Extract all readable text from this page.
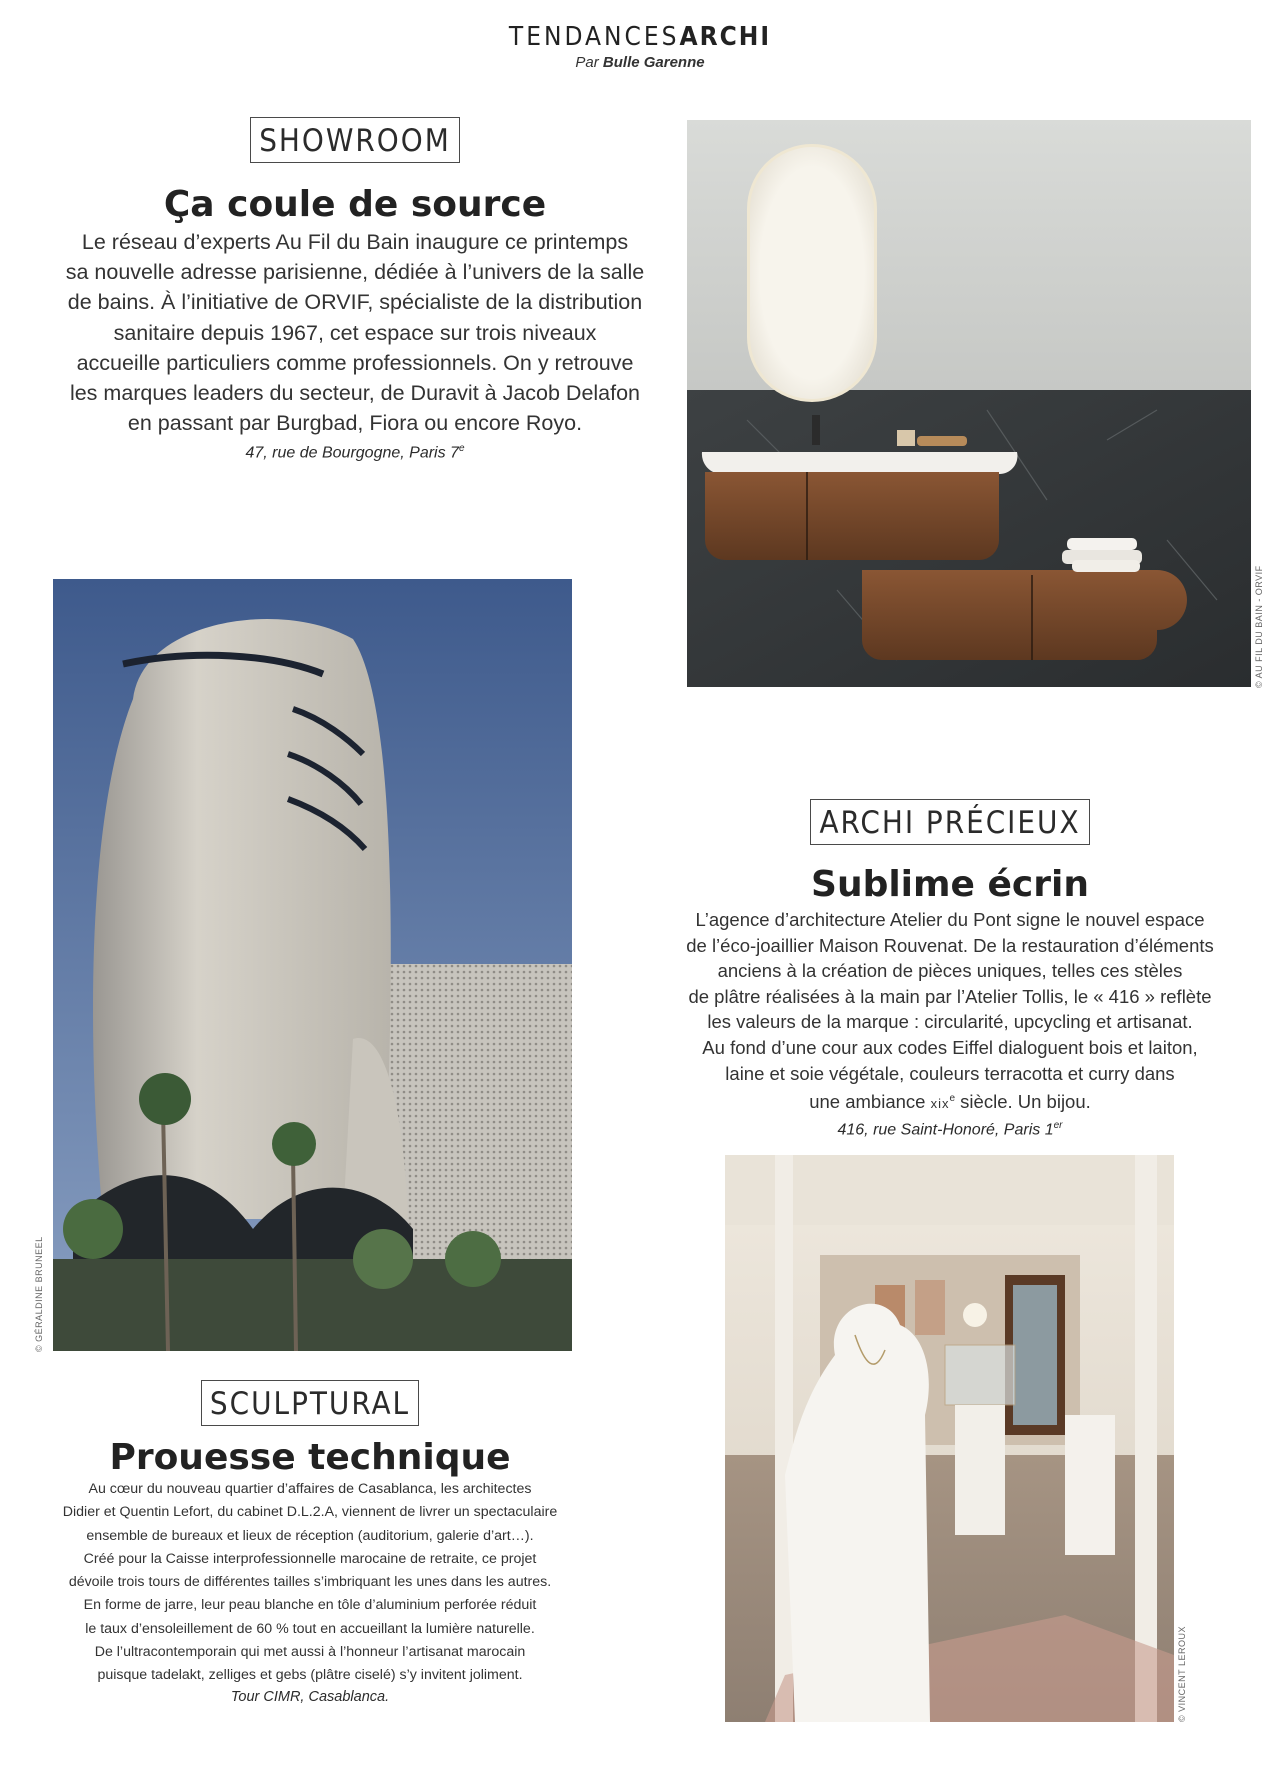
TENDANCESARCHI
Par Bulle Garenne
SHOWROOM
Ça coule de source
Le réseau d’experts Au Fil du Bain inaugure ce printemps
sa nouvelle adresse parisienne, dédiée à l’univers de la salle
de bains. À l’initiative de ORVIF, spécialiste de la distribution
sanitaire depuis 1967, cet espace sur trois niveaux
accueille particuliers comme professionnels. On y retrouve
les marques leaders du secteur, de Duravit à Jacob Delafon
en passant par Burgbad, Fiora ou encore Royo.
47, rue de Bourgogne, Paris 7e
© AU FIL DU BAIN - ORVIF
© GÉRALDINE BRUNEEL
ARCHI PRÉCIEUX
Sublime écrin
L’agence d’architecture Atelier du Pont signe le nouvel espace
de l’éco-joaillier Maison Rouvenat. De la restauration d’éléments
anciens à la création de pièces uniques, telles ces stèles
de plâtre réalisées à la main par l’Atelier Tollis, le « 416 » reflète
les valeurs de la marque : circularité, upcycling et artisanat.
Au fond d’une cour aux codes Eiffel dialoguent bois et laiton,
laine et soie végétale, couleurs terracotta et curry dans
une ambiance xix$^e$ siècle. Un bijou.
416, rue Saint-Honoré, Paris 1er
© VINCENT LEROUX
SCULPTURAL
Prouesse technique
Au cœur du nouveau quartier d’affaires de Casablanca, les architectes
Didier et Quentin Lefort, du cabinet D.L.2.A, viennent de livrer un spectaculaire
ensemble de bureaux et lieux de réception (auditorium, galerie d’art…).
Créé pour la Caisse interprofessionnelle marocaine de retraite, ce projet
dévoile trois tours de différentes tailles s’imbriquant les unes dans les autres.
En forme de jarre, leur peau blanche en tôle d’aluminium perforée réduit
le taux d’ensoleillement de 60 % tout en accueillant la lumière naturelle.
De l’ultracontemporain qui met aussi à l’honneur l’artisanat marocain
puisque tadelakt, zelliges et gebs (plâtre ciselé) s’y invitent joliment.
Tour CIMR, Casablanca.
